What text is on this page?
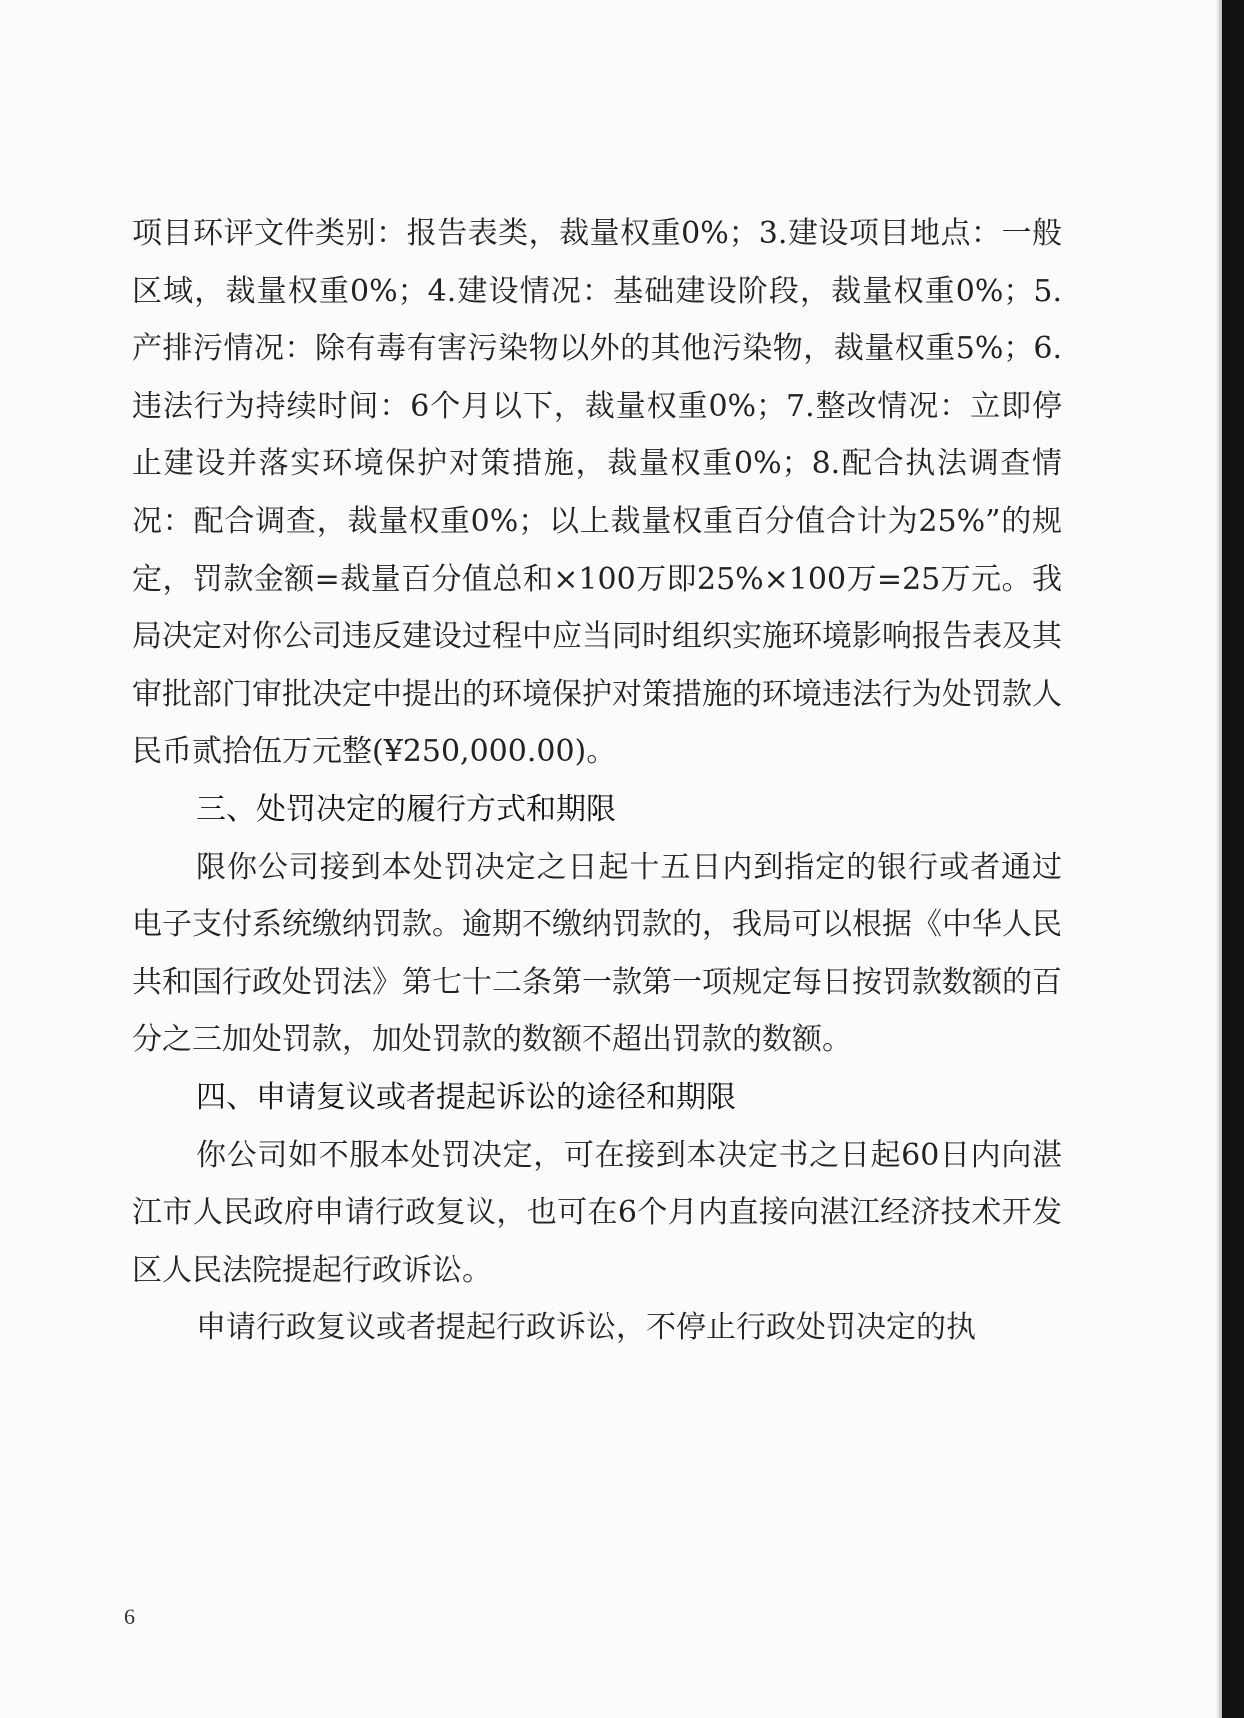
项目环评文件类别：报告表类，裁量权重0%；3.建设项目地点：一般区域，裁量权重0%；4.建设情况：基础建设阶段，裁量权重0%；5.产排污情况：除有毒有害污染物以外的其他污染物，裁量权重5%；6.违法行为持续时间：6个月以下，裁量权重0%；7.整改情况：立即停止建设并落实环境保护对策措施，裁量权重0%；8.配合执法调查情况：配合调查，裁量权重0%；以上裁量权重百分值合计为25%”的规定，罚款金额=裁量百分值总和×100万即25%×100万=25万元。我局决定对你公司违反建设过程中应当同时组织实施环境影响报告表及其审批部门审批决定中提出的环境保护对策措施的环境违法行为处罚款人民币贰拾伍万元整(¥250,000.00)。

三、处罚决定的履行方式和期限

限你公司接到本处罚决定之日起十五日内到指定的银行或者通过电子支付系统缴纳罚款。逾期不缴纳罚款的，我局可以根据《中华人民共和国行政处罚法》第七十二条第一款第一项规定每日按罚款数额的百分之三加处罚款，加处罚款的数额不超出罚款的数额。

四、申请复议或者提起诉讼的途径和期限

你公司如不服本处罚决定，可在接到本决定书之日起60日内向湛江市人民政府申请行政复议，也可在6个月内直接向湛江经济技术开发区人民法院提起行政诉讼。

申请行政复议或者提起行政诉讼，不停止行政处罚决定的执

6
